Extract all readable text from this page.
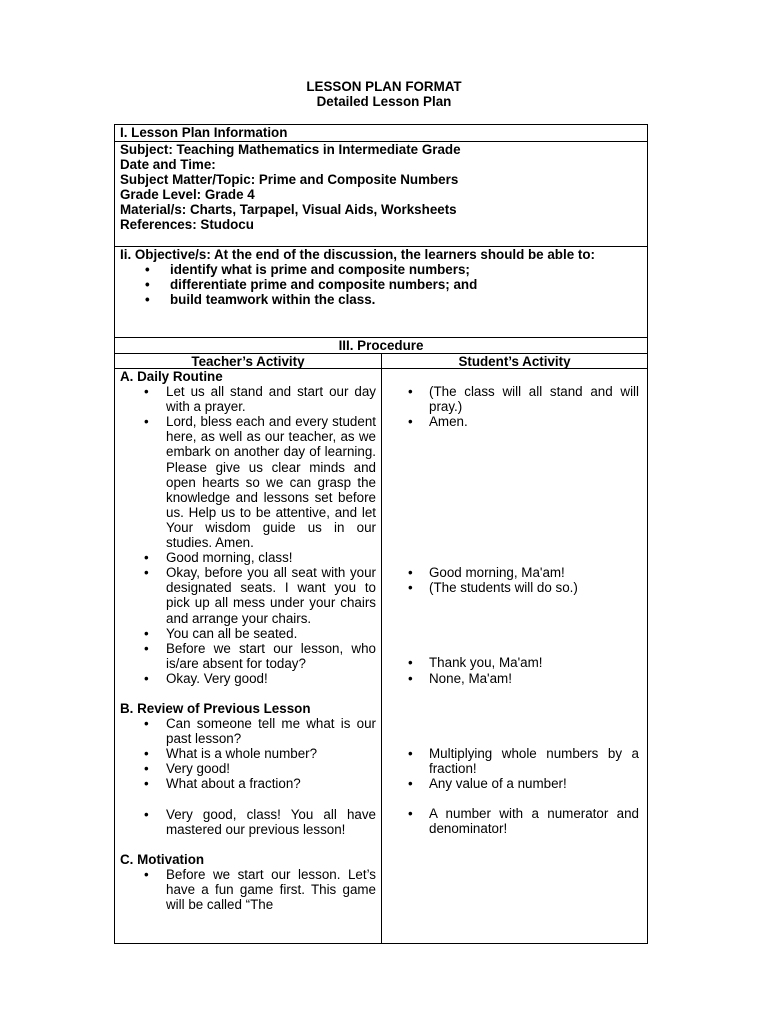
LESSON PLAN FORMAT
Detailed Lesson Plan
I. Lesson Plan Information
Subject: Teaching Mathematics in Intermediate Grade
Date and Time:
Subject Matter/Topic: Prime and Composite Numbers
Grade Level: Grade 4
Material/s: Charts, Tarpapel, Visual Aids, Worksheets
References: Studocu

Ii. Objective/s: At the end of the discussion, the learners should be able to:

• identify what is prime and composite numbers;
• differentiate prime and composite numbers; and
• build teamwork within the class.
III. Procedure
Teacher’s Activity	Student’s Activity
A. Daily Routine
• Let us all stand and start our day with a prayer.
• Lord, bless each and every student here, as well as our teacher, as we embark on another day of learning. Please give us clear minds and open hearts so we can grasp the knowledge and lessons set before us. Help us to be attentive, and let Your wisdom guide us in our studies. Amen.
• Good morning, class!
• Okay, before you all seat with your designated seats. I want you to pick up all mess under your chairs and arrange your chairs.
• You can all be seated.
• Before we start our lesson, who is/are absent for today?
• Okay. Very good!
B. Review of Previous Lesson
• Can someone tell me what is our past lesson?
• What is a whole number?
• Very good!
• What about a fraction?
• Very good, class! You all have mastered our previous lesson!
C. Motivation
• Before we start our lesson. Let’s have a fun game first. This game will be called “The
• (The class will all stand and will pray.)
• Amen.
• Good morning, Ma'am!
• (The students will do so.)
• Thank you, Ma'am!
• None, Ma'am!
• Multiplying whole numbers by a fraction!
• Any value of a number!
• A number with a numerator and denominator!
